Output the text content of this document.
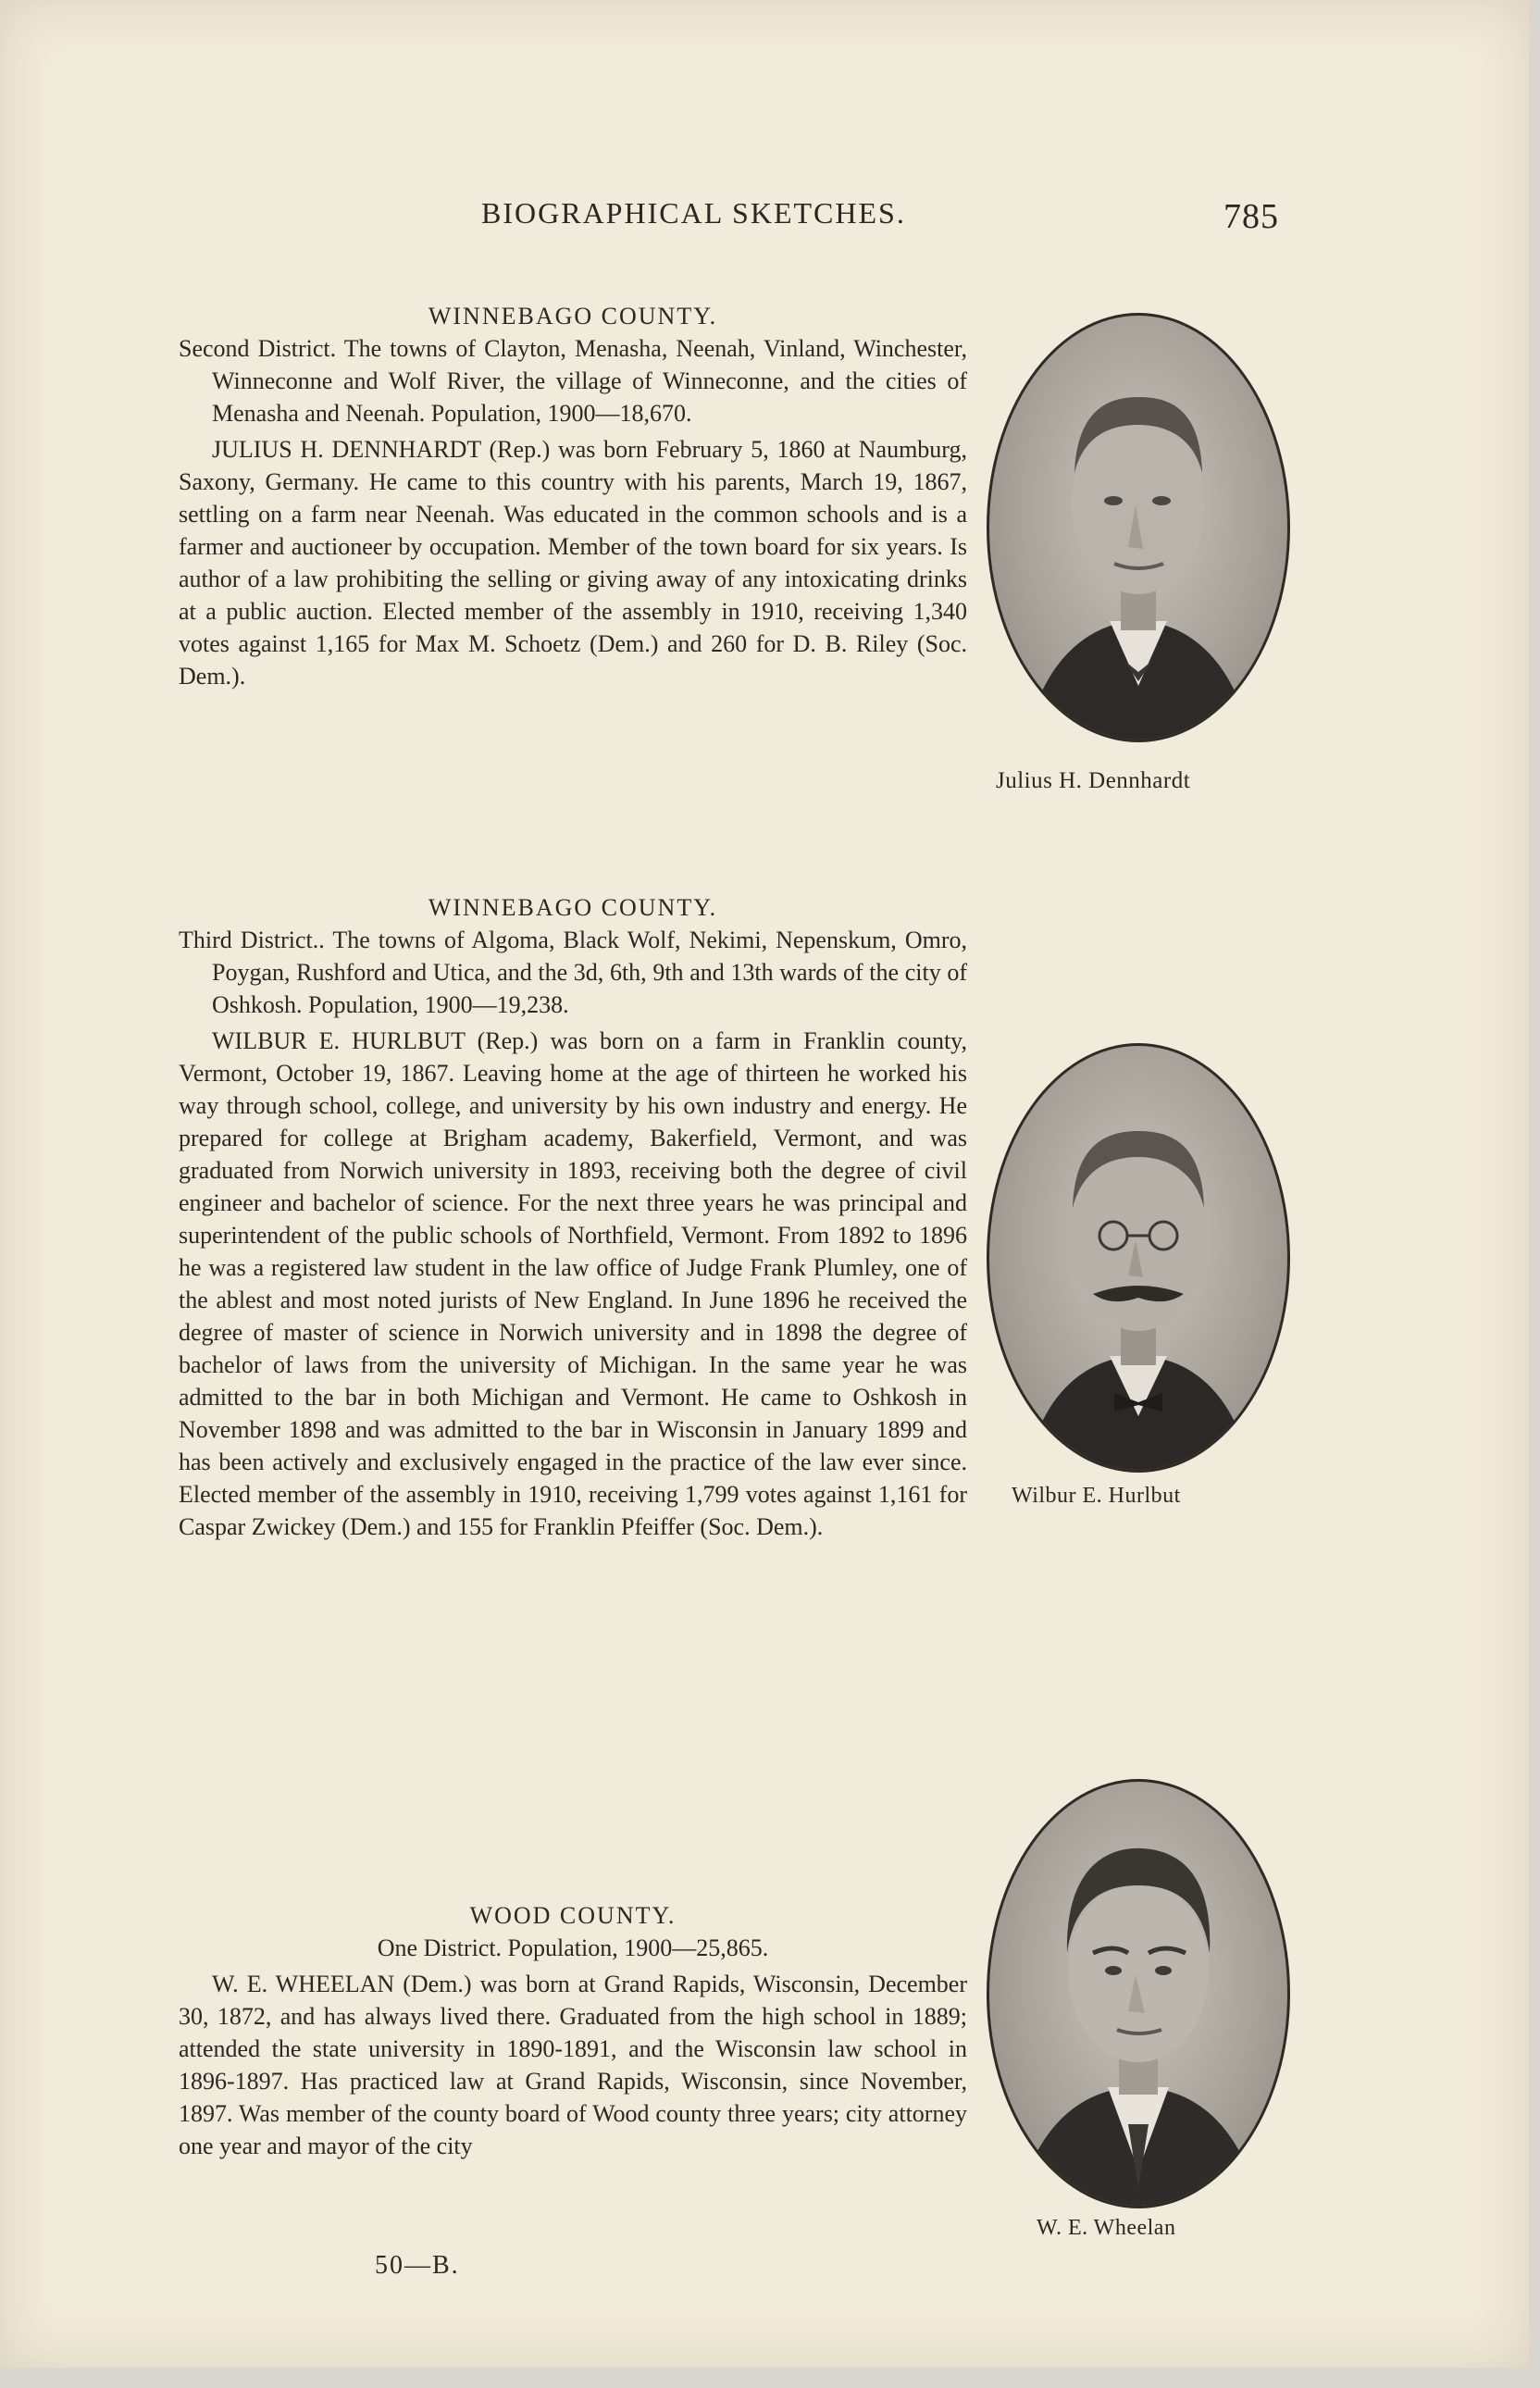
BIOGRAPHICAL SKETCHES.	785
WINNEBAGO COUNTY.
Second District. The towns of Clayton, Menasha, Neenah, Vinland, Winchester, Winneconne and Wolf River, the village of Winneconne, and the cities of Menasha and Neenah. Population, 1900—18,670.
JULIUS H. DENNHARDT (Rep.) was born February 5, 1860 at Naumburg, Saxony, Germany. He came to this country with his parents, March 19, 1867, settling on a farm near Neenah. Was educated in the common schools and is a farmer and auctioneer by occupation. Member of the town board for six years. Is author of a law prohibiting the selling or giving away of any intoxicating drinks at a public auction. Elected member of the assembly in 1910, receiving 1,340 votes against 1,165 for Max M. Schoetz (Dem.) and 260 for D. B. Riley (Soc. Dem.).
WINNEBAGO COUNTY.
Third District.. The towns of Algoma, Black Wolf, Nekimi, Nepenskum, Omro, Poygan, Rushford and Utica, and the 3d, 6th, 9th and 13th wards of the city of Oshkosh. Population, 1900—19,238.
WILBUR E. HURLBUT (Rep.) was born on a farm in Franklin county, Vermont, October 19, 1867. Leaving home at the age of thirteen he worked his way through school, college, and university by his own industry and energy. He prepared for college at Brigham academy, Bakerfield, Vermont, and was graduated from Norwich university in 1893, receiving both the degree of civil engineer and bachelor of science. For the next three years he was principal and superintendent of the public schools of Northfield, Vermont. From 1892 to 1896 he was a registered law student in the law office of Judge Frank Plumley, one of the ablest and most noted jurists of New England. In June 1896 he received the degree of master of science in Norwich university and in 1898 the degree of bachelor of laws from the university of Michigan. In the same year he was admitted to the bar in both Michigan and Vermont. He came to Oshkosh in November 1898 and was admitted to the bar in Wisconsin in January 1899 and has been actively and exclusively engaged in the practice of the law ever since. Elected member of the assembly in 1910, receiving 1,799 votes against 1,161 for Caspar Zwickey (Dem.) and 155 for Franklin Pfeiffer (Soc. Dem.).
WOOD COUNTY.
One District. Population, 1900—25,865.
W. E. WHEELAN (Dem.) was born at Grand Rapids, Wisconsin, December 30, 1872, and has always lived there. Graduated from the high school in 1889; attended the state university in 1890-1891, and the Wisconsin law school in 1896-1897. Has practiced law at Grand Rapids, Wisconsin, since November, 1897. Was member of the county board of Wood county three years; city attorney one year and mayor of the city
50—B.
Julius H. Dennhardt
Wilbur E. Hurlbut
W. E. Wheelan
